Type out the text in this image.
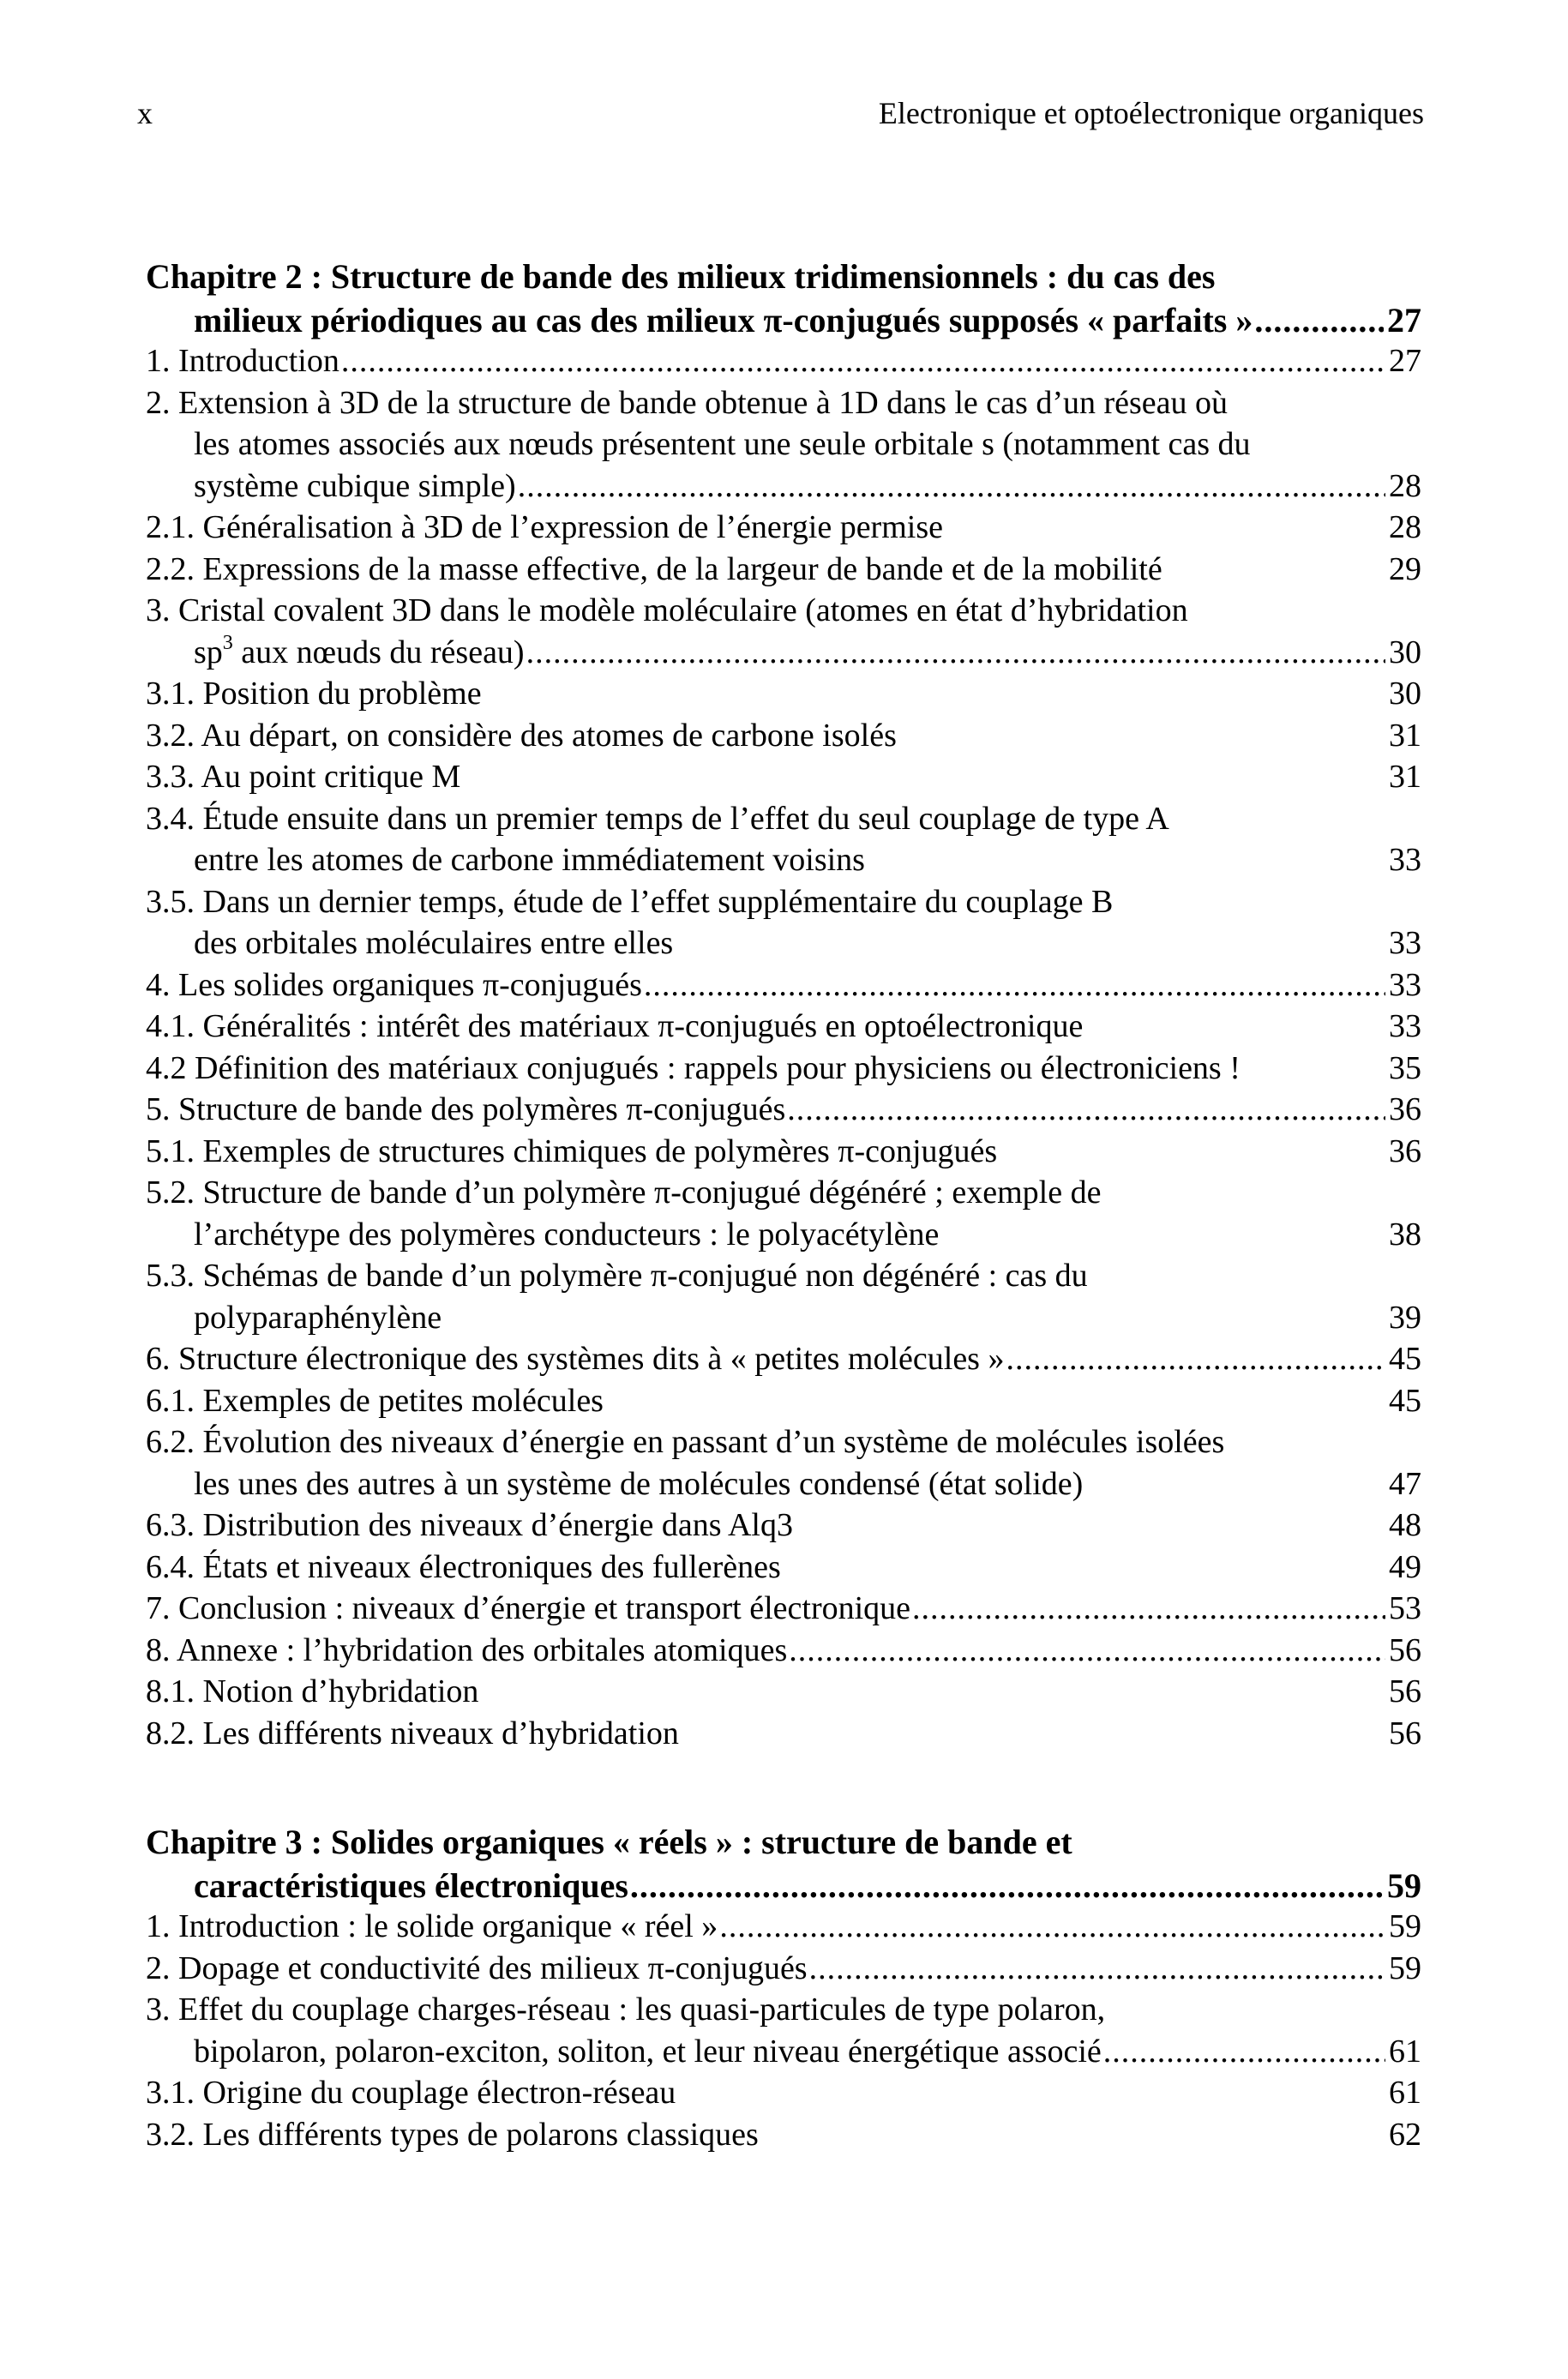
x	Electronique et optoélectronique organiques
Chapitre 2 : Structure de bande des milieux tridimensionnels : du cas des
milieux périodiques au cas des milieux π-conjugués supposés « parfaits » .....	27
1. Introduction .....	27
2. Extension à 3D de la structure de bande obtenue à 1D dans le cas d’un réseau où
les atomes associés aux nœuds présentent une seule orbitale s (notamment cas du
système cubique simple) .....	28
2.1. Généralisation à 3D de l’expression de l’énergie permise	28
2.2. Expressions de la masse effective, de la largeur de bande et de la mobilité	29
3. Cristal covalent 3D dans le modèle moléculaire (atomes en état d’hybridation
$sp^3$ aux nœuds du réseau) .....	30
3.1. Position du problème	30
3.2. Au départ, on considère des atomes de carbone isolés	31
3.3. Au point critique M	31
3.4. Étude ensuite dans un premier temps de l’effet du seul couplage de type A
entre les atomes de carbone immédiatement voisins	33
3.5. Dans un dernier temps, étude de l’effet supplémentaire du couplage B
des orbitales moléculaires entre elles	33
4. Les solides organiques π-conjugués .....	33
4.1. Généralités : intérêt des matériaux π-conjugués en optoélectronique	33
4.2 Définition des matériaux conjugués : rappels pour physiciens ou électroniciens !	35
5. Structure de bande des polymères π-conjugués .....	36
5.1. Exemples de structures chimiques de polymères π-conjugués	36
5.2. Structure de bande d’un polymère π-conjugué dégénéré ; exemple de
l’archétype des polymères conducteurs : le polyacétylène	38
5.3. Schémas de bande d’un polymère π-conjugué non dégénéré : cas du
polyparaphénylène	39
6. Structure électronique des systèmes dits à « petites molécules » .....	45
6.1. Exemples de petites molécules	45
6.2. Évolution des niveaux d’énergie en passant d’un système de molécules isolées
les unes des autres à un système de molécules condensé (état solide)	47
6.3. Distribution des niveaux d’énergie dans Alq3	48
6.4. États et niveaux électroniques des fullerènes	49
7. Conclusion : niveaux d’énergie et transport électronique .....	53
8. Annexe : l’hybridation des orbitales atomiques .....	56
8.1. Notion d’hybridation	56
8.2. Les différents niveaux d’hybridation	56
Chapitre 3 : Solides organiques « réels » : structure de bande et
caractéristiques électroniques .....	59
1. Introduction : le solide organique « réel » .....	59
2. Dopage et conductivité des milieux π-conjugués .....	59
3. Effet du couplage charges-réseau : les quasi-particules de type polaron,
bipolaron, polaron-exciton, soliton, et leur niveau énergétique associé .....	61
3.1. Origine du couplage électron-réseau	61
3.2. Les différents types de polarons classiques	62
